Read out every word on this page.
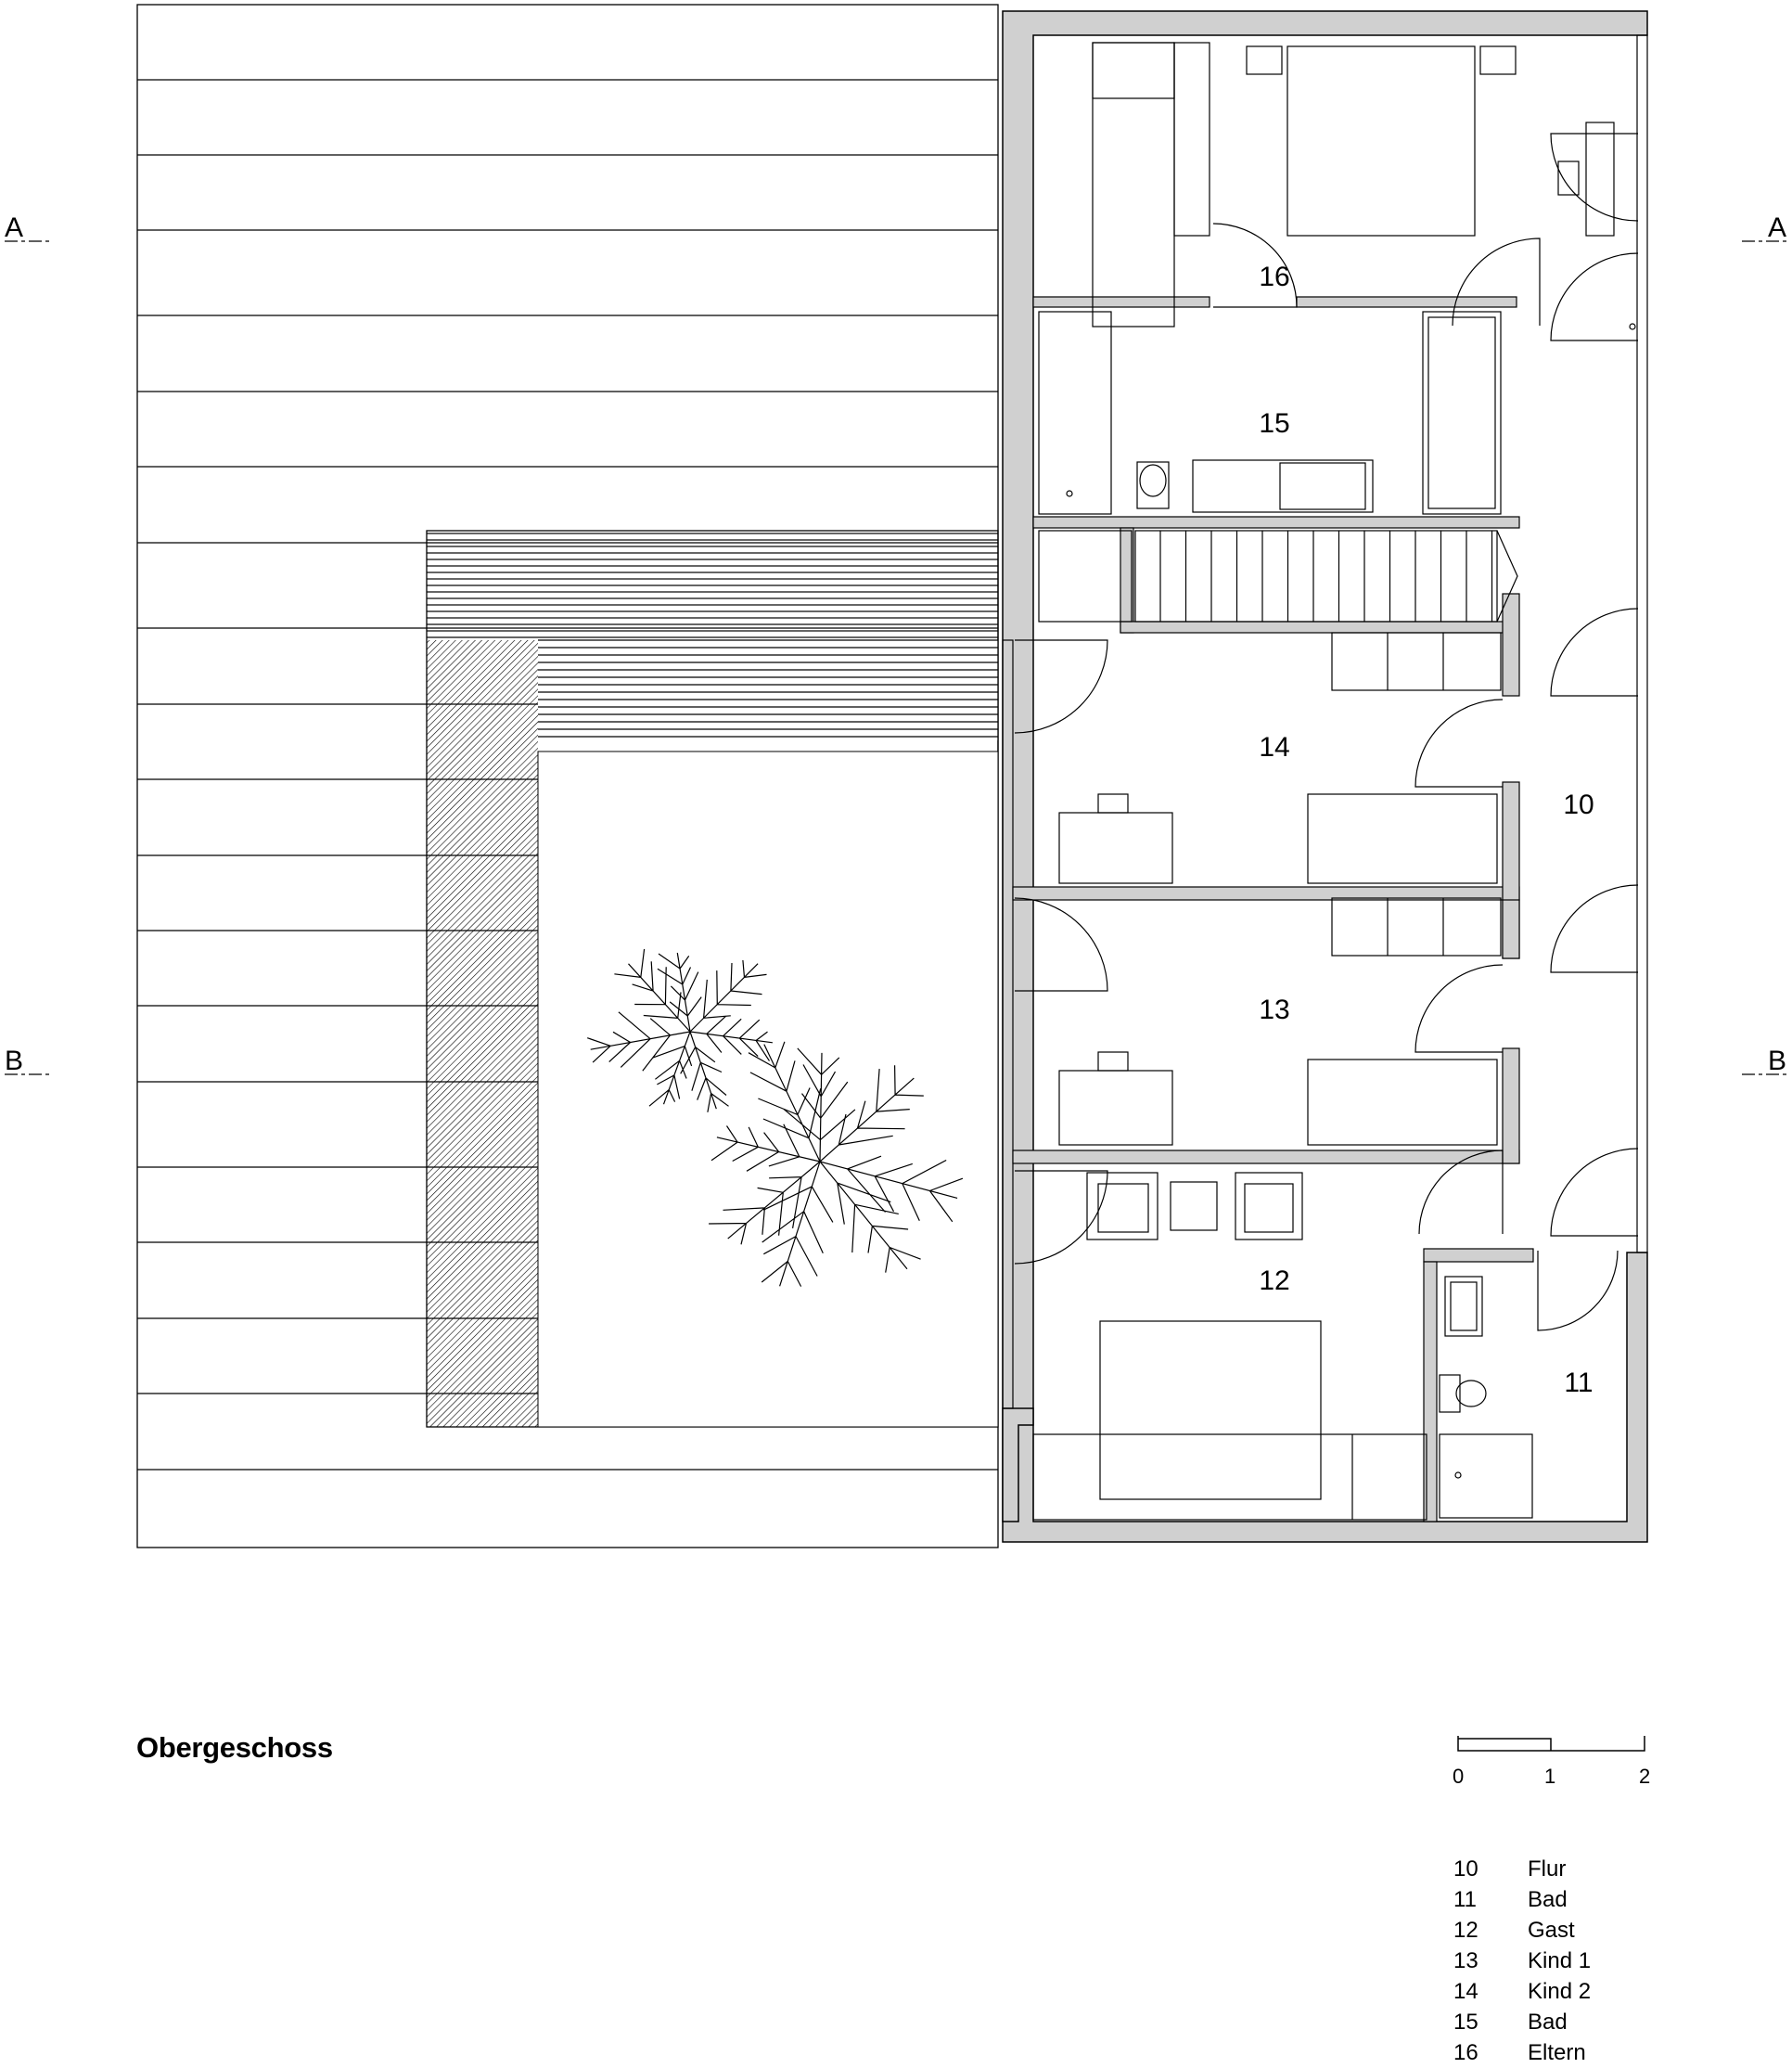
10
11
12
13
14
15
16
A	A
B	B
0	1	2
Obergeschoss
10	Flur
11	Bad
12	Gast
13	Kind 1
14	Kind 2
15	Bad
16	Eltern
